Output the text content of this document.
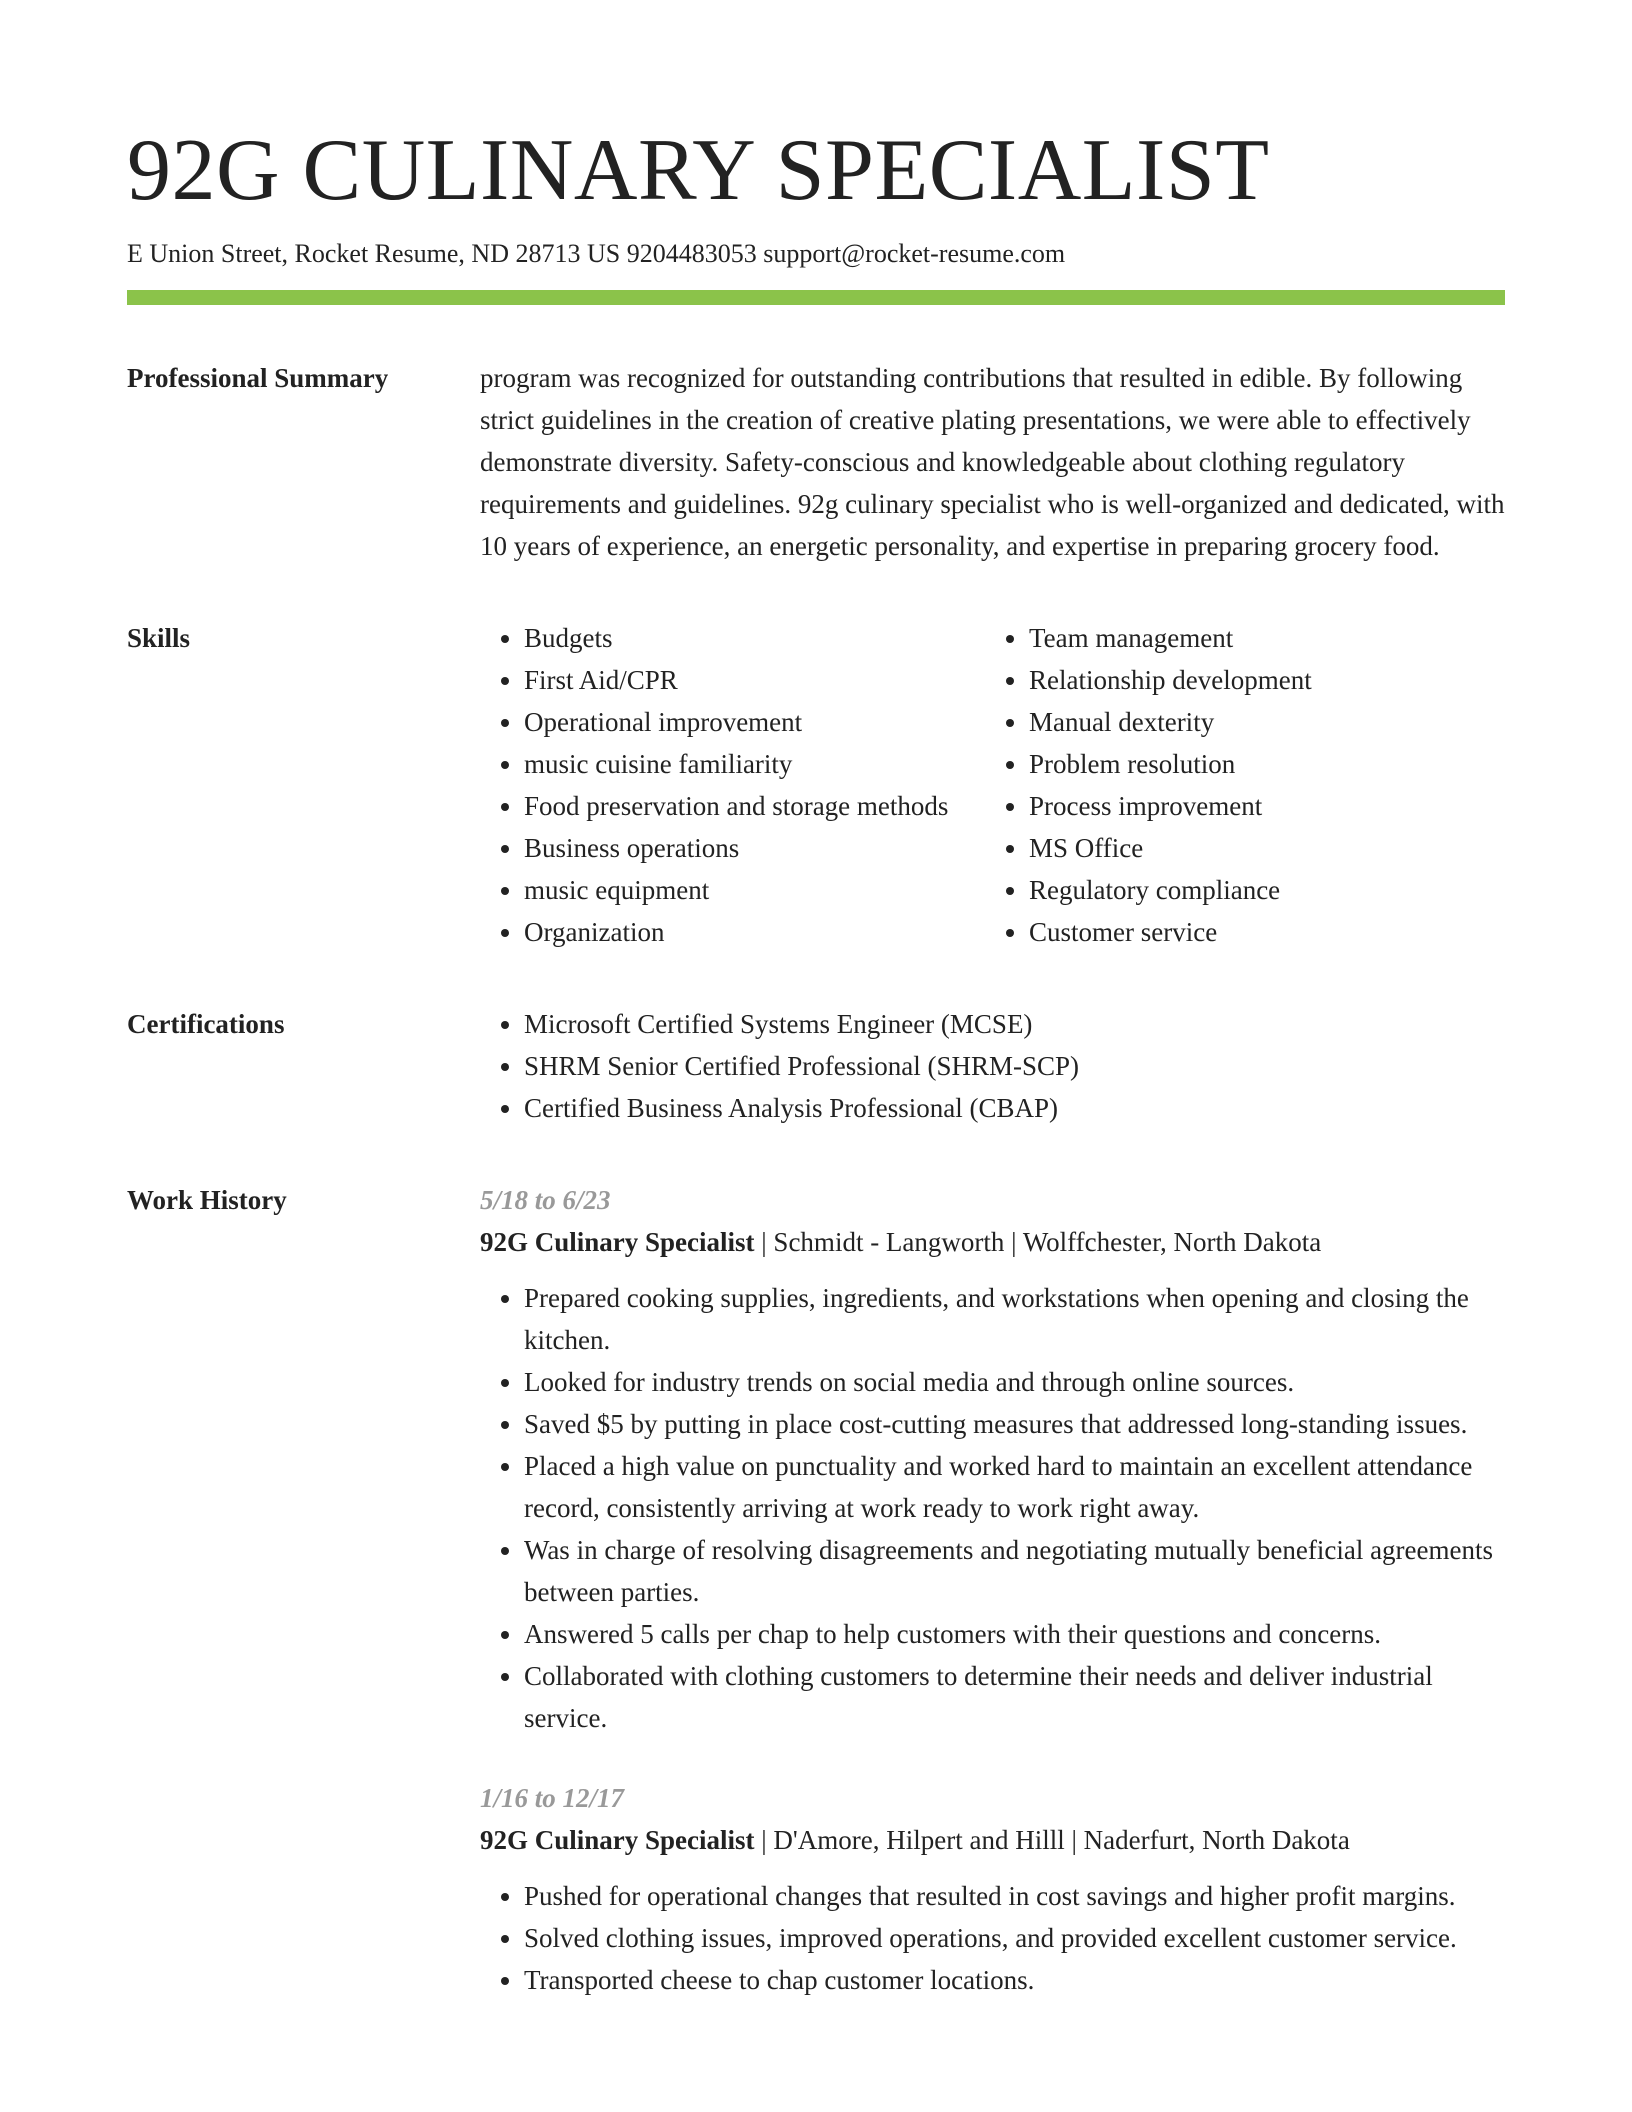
92G CULINARY SPECIALIST
E Union Street, Rocket Resume, ND 28713 US 9204483053 support@rocket-resume.com
Professional Summary	program was recognized for outstanding contributions that resulted in edible. By following strict guidelines in the creation of creative plating presentations, we were able to effectively demonstrate diversity. Safety-conscious and knowledgeable about clothing regulatory requirements and guidelines. 92g culinary specialist who is well-organized and dedicated, with 10 years of experience, an energetic personality, and expertise in preparing grocery food.

Skills	• Budgets
• First Aid/CPR
• Operational improvement
• music cuisine familiarity
• Food preservation and storage methods
• Business operations
• music equipment
• Organization
• Team management
• Relationship development
• Manual dexterity
• Problem resolution
• Process improvement
• MS Office
• Regulatory compliance
• Customer service
Certifications	• Microsoft Certified Systems Engineer (MCSE)
• SHRM Senior Certified Professional (SHRM-SCP)
• Certified Business Analysis Professional (CBAP)
Work History	5/18 to 6/23
92G Culinary Specialist | Schmidt - Langworth | Wolffchester, North Dakota
• Prepared cooking supplies, ingredients, and workstations when opening and closing the kitchen.
• Looked for industry trends on social media and through online sources.
• Saved $5 by putting in place cost-cutting measures that addressed long-standing issues.
• Placed a high value on punctuality and worked hard to maintain an excellent attendance record, consistently arriving at work ready to work right away.
• Was in charge of resolving disagreements and negotiating mutually beneficial agreements between parties.
• Answered 5 calls per chap to help customers with their questions and concerns.
• Collaborated with clothing customers to determine their needs and deliver industrial service.
1/16 to 12/17
92G Culinary Specialist | D'Amore, Hilpert and Hilll | Naderfurt, North Dakota
• Pushed for operational changes that resulted in cost savings and higher profit margins.
• Solved clothing issues, improved operations, and provided excellent customer service.
• Transported cheese to chap customer locations.
